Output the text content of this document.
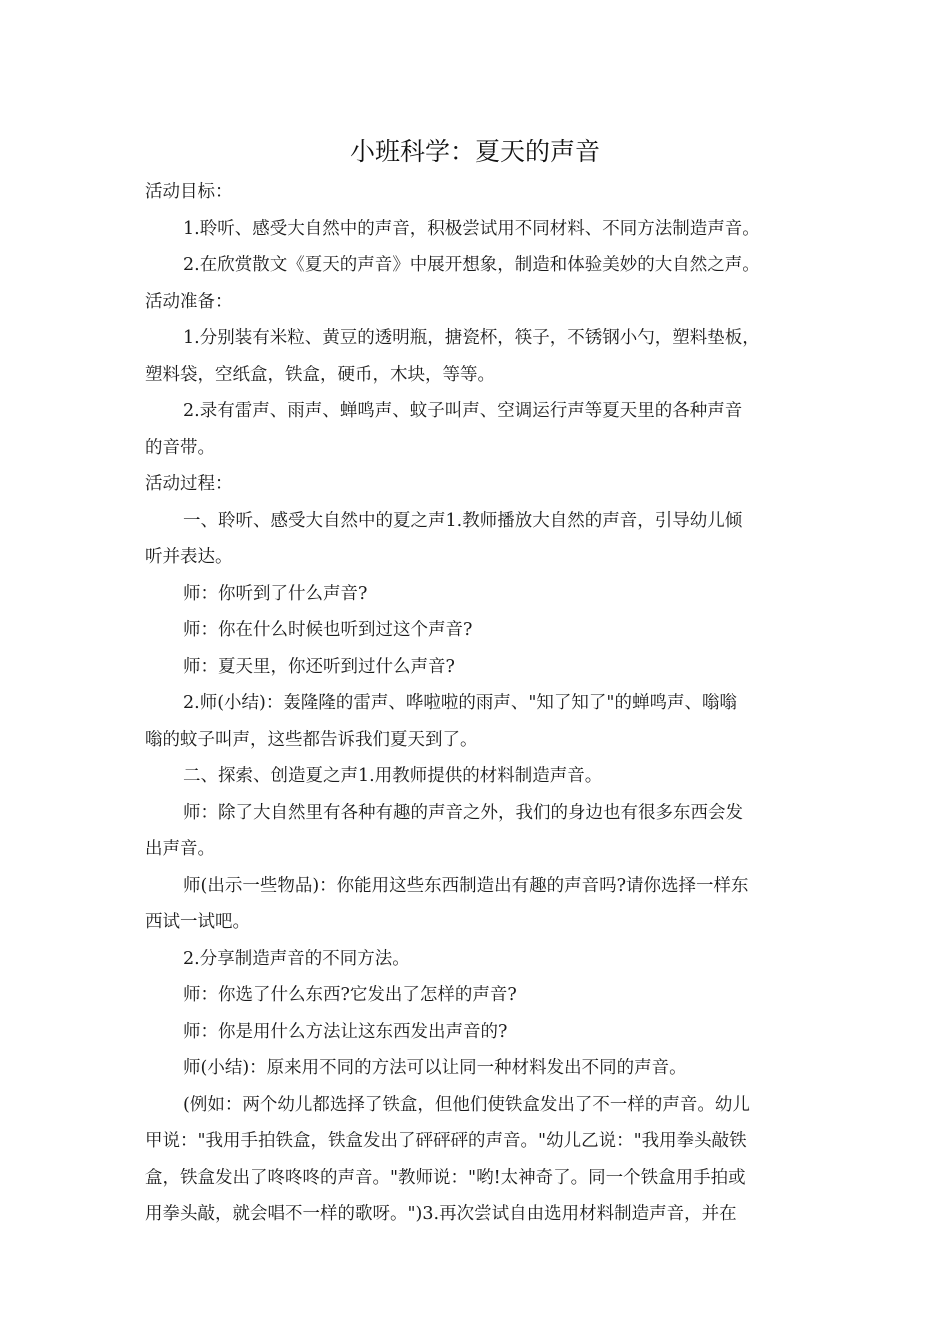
小班科学：夏天的声音

活动目标：

1.聆听、感受大自然中的声音，积极尝试用不同材料、不同方法制造声音。

2.在欣赏散文《夏天的声音》中展开想象，制造和体验美妙的大自然之声。

活动准备：

1.分别装有米粒、黄豆的透明瓶，搪瓷杯，筷子，不锈钢小勺，塑料垫板，

塑料袋，空纸盒，铁盒，硬币，木块，等等。

2.录有雷声、雨声、蝉鸣声、蚊子叫声、空调运行声等夏天里的各种声音

的音带。

活动过程：

一、聆听、感受大自然中的夏之声1.教师播放大自然的声音，引导幼儿倾

听并表达。

师：你听到了什么声音?

师：你在什么时候也听到过这个声音?

师：夏天里，你还听到过什么声音?

2.师(小结)：轰隆隆的雷声、哗啦啦的雨声、"知了知了"的蝉鸣声、嗡嗡

嗡的蚊子叫声，这些都告诉我们夏天到了。

二、探索、创造夏之声1.用教师提供的材料制造声音。

师：除了大自然里有各种有趣的声音之外，我们的身边也有很多东西会发

出声音。

师(出示一些物品)：你能用这些东西制造出有趣的声音吗?请你选择一样东

西试一试吧。

2.分享制造声音的不同方法。

师：你选了什么东西?它发出了怎样的声音?

师：你是用什么方法让这东西发出声音的?

师(小结)：原来用不同的方法可以让同一种材料发出不同的声音。

(例如：两个幼儿都选择了铁盒，但他们使铁盒发出了不一样的声音。幼儿

甲说："我用手拍铁盒，铁盒发出了砰砰砰的声音。"幼儿乙说："我用拳头敲铁

盒，铁盒发出了咚咚咚的声音。"教师说："哟!太神奇了。同一个铁盒用手拍或

用拳头敲，就会唱不一样的歌呀。")3.再次尝试自由选用材料制造声音，并在
